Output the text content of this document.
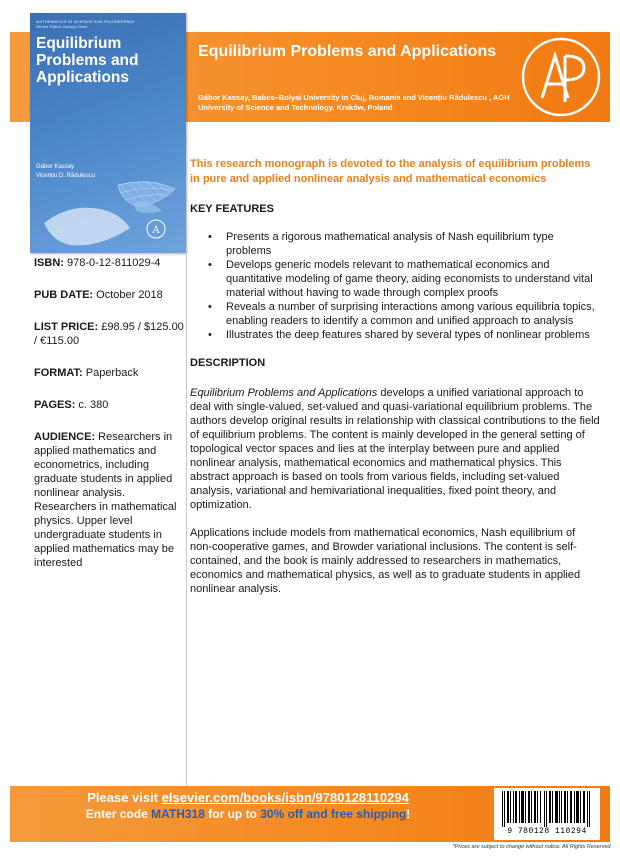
MATHEMATICS IN SCIENCE AND ENGINEERING
Series Editor Goong Chen
Equilibrium Problems and Applications
Gábor Kassay
Vicențiu D. Rădulescu
A
Equilibrium Problems and Applications
Gábor Kassay, Babes–Bolyai University in Cluj, Romania and Vicențiu Rădulescu , AGH University of Science and Technology, Kraków, Poland
ISBN: 978-0-12-811029-4
PUB DATE: October 2018
LIST PRICE: £98.95 / $125.00 / €115.00
FORMAT: Paperback
PAGES: c. 380
AUDIENCE: Researchers in applied mathematics and econometrics, including graduate students in applied nonlinear analysis. Researchers in mathematical physics. Upper level undergraduate students in applied mathematics may be interested
This research monograph is devoted to the analysis of equilibrium problems in pure and applied nonlinear analysis and mathematical economics
KEY FEATURES
• Presents a rigorous mathematical analysis of Nash equilibrium type problems
• Develops generic models relevant to mathematical economics and quantitative modeling of game theory, aiding economists to understand vital material without having to wade through complex proofs
• Reveals a number of surprising interactions among various equilibria topics, enabling readers to identify a common and unified approach to analysis
• Illustrates the deep features shared by several types of nonlinear problems
DESCRIPTION
Equilibrium Problems and Applications develops a unified variational approach to deal with single-valued, set-valued and quasi-variational equilibrium problems. The authors develop original results in relationship with classical contributions to the field of equilibrium problems. The content is mainly developed in the general setting of topological vector spaces and lies at the interplay between pure and applied nonlinear analysis, mathematical economics and mathematical physics. This abstract approach is based on tools from various fields, including set-valued analysis, variational and hemivariational inequalities, fixed point theory, and optimization.
Applications include models from mathematical economics, Nash equilibrium of non-cooperative games, and Browder variational inclusions. The content is self-contained, and the book is mainly addressed to researchers in mathematics, economics and mathematical physics, as well as to graduate students in applied nonlinear analysis.
Please visit elsevier.com/books/isbn/9780128110294
Enter code MATH318 for up to 30% off and free shipping!
9 780128 110294
*Prices are subject to change without notice. All Rights Reserved.
